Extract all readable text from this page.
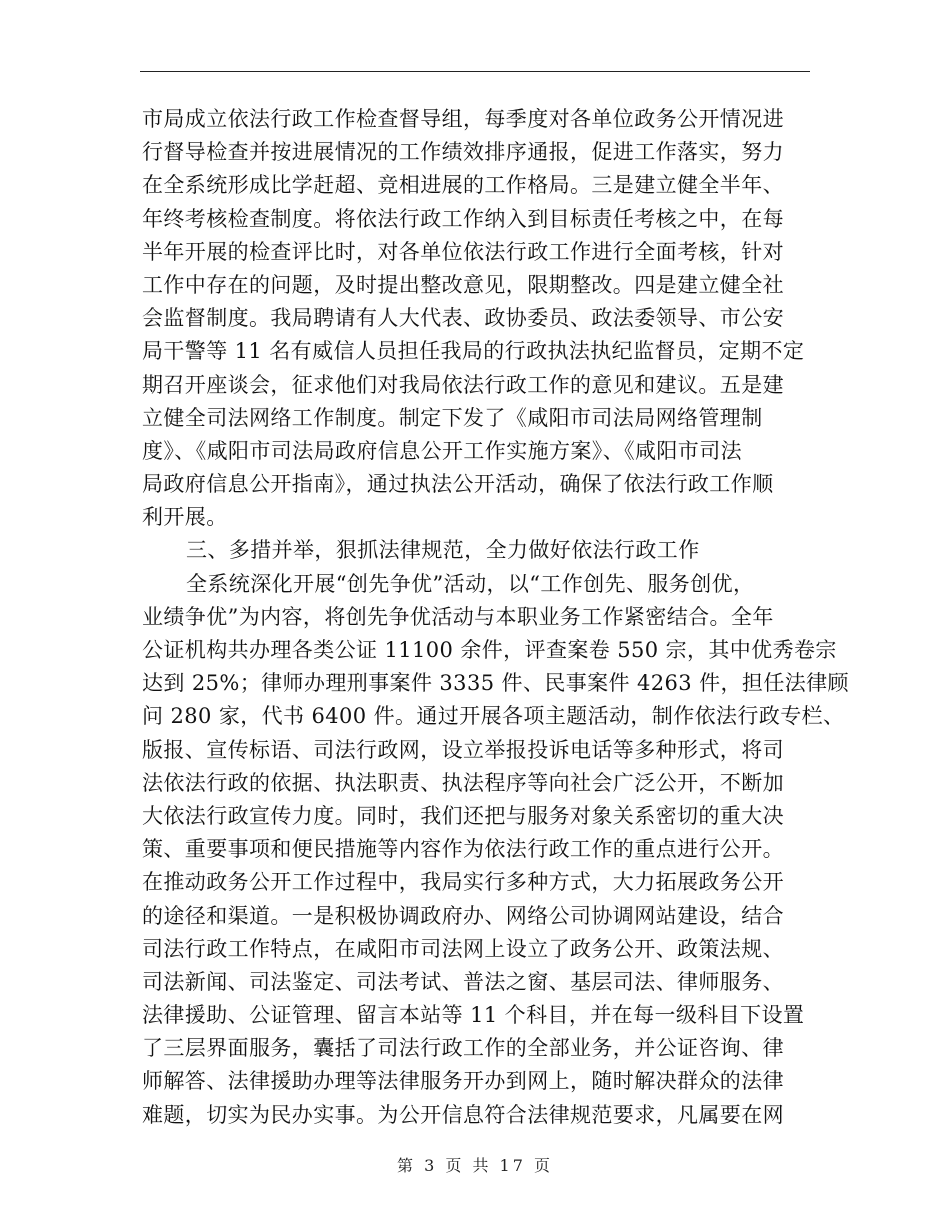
市局成立依法行政工作检查督导组，每季度对各单位政务公开情况进
行督导检查并按进展情况的工作绩效排序通报，促进工作落实，努力
在全系统形成比学赶超、竞相进展的工作格局。三是建立健全半年、
年终考核检查制度。将依法行政工作纳入到目标责任考核之中，在每
半年开展的检查评比时，对各单位依法行政工作进行全面考核，针对
工作中存在的问题，及时提出整改意见，限期整改。四是建立健全社
会监督制度。我局聘请有人大代表、政协委员、政法委领导、市公安
局干警等 11 名有威信人员担任我局的行政执法执纪监督员，定期不定
期召开座谈会，征求他们对我局依法行政工作的意见和建议。五是建
立健全司法网络工作制度。制定下发了《咸阳市司法局网络管理制
度》、《咸阳市司法局政府信息公开工作实施方案》、《咸阳市司法
局政府信息公开指南》，通过执法公开活动，确保了依法行政工作顺
利开展。
三、多措并举，狠抓法律规范，全力做好依法行政工作
全系统深化开展“创先争优”活动，以“工作创先、服务创优，
业绩争优”为内容，将创先争优活动与本职业务工作紧密结合。全年
公证机构共办理各类公证 11100 余件，评查案卷 550 宗，其中优秀卷宗
达到 25%；律师办理刑事案件 3335 件、民事案件 4263 件，担任法律顾
问 280 家，代书 6400 件。通过开展各项主题活动，制作依法行政专栏、
版报、宣传标语、司法行政网，设立举报投诉电话等多种形式，将司
法依法行政的依据、执法职责、执法程序等向社会广泛公开，不断加
大依法行政宣传力度。同时，我们还把与服务对象关系密切的重大决
策、重要事项和便民措施等内容作为依法行政工作的重点进行公开。
在推动政务公开工作过程中，我局实行多种方式，大力拓展政务公开
的途径和渠道。一是积极协调政府办、网络公司协调网站建设，结合
司法行政工作特点，在咸阳市司法网上设立了政务公开、政策法规、
司法新闻、司法鉴定、司法考试、普法之窗、基层司法、律师服务、
法律援助、公证管理、留言本站等 11 个科目，并在每一级科目下设置
了三层界面服务，囊括了司法行政工作的全部业务，并公证咨询、律
师解答、法律援助办理等法律服务开办到网上，随时解决群众的法律
难题，切实为民办实事。为公开信息符合法律规范要求，凡属要在网
第 3 页 共 17 页
